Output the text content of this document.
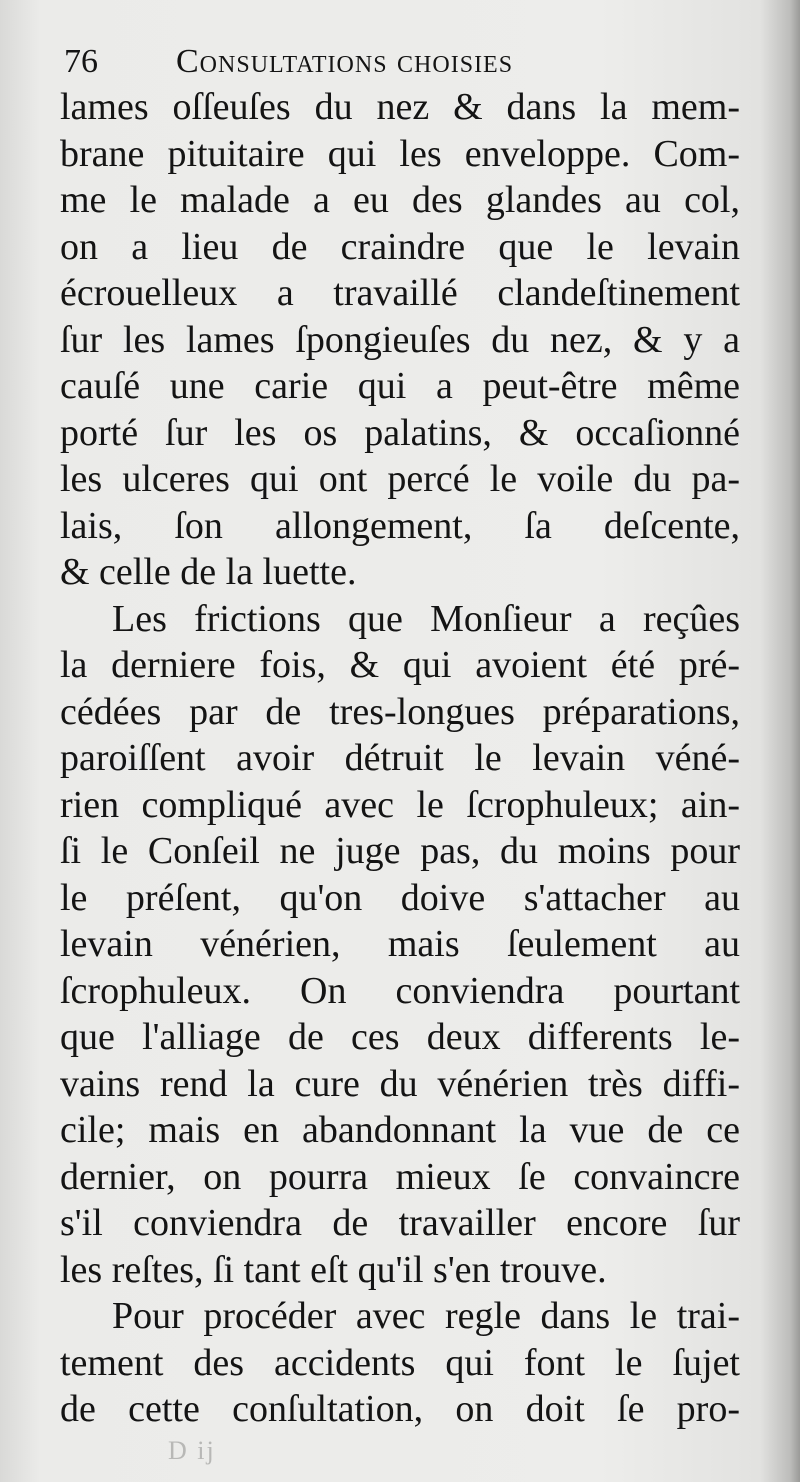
76 Consultations choisies
lames oſſeuſes du nez & dans la mem-
brane pituitaire qui les enveloppe. Com-
me le malade a eu des glandes au col,
on a lieu de craindre que le levain
écrouelleux a travaillé clandeſtinement
ſur les lames ſpongieuſes du nez, & y a
cauſé une carie qui a peut-être même
porté ſur les os palatins, & occaſionné
les ulceres qui ont percé le voile du pa-
lais, ſon allongement, ſa deſcente,
& celle de la luette.
Les frictions que Monſieur a reçûes
la derniere fois, & qui avoient été pré-
cédées par de tres-longues préparations,
paroiſſent avoir détruit le levain véné-
rien compliqué avec le ſcrophuleux; ain-
ſi le Conſeil ne juge pas, du moins pour
le préſent, qu'on doive s'attacher au
levain vénérien, mais ſeulement au
ſcrophuleux. On conviendra pourtant
que l'alliage de ces deux differents le-
vains rend la cure du vénérien très diffi-
cile; mais en abandonnant la vue de ce
dernier, on pourra mieux ſe convaincre
s'il conviendra de travailler encore ſur
les reſtes, ſi tant eſt qu'il s'en trouve.
Pour procéder avec regle dans le trai-
tement des accidents qui font le ſujet
de cette conſultation, on doit ſe pro-
D ij
